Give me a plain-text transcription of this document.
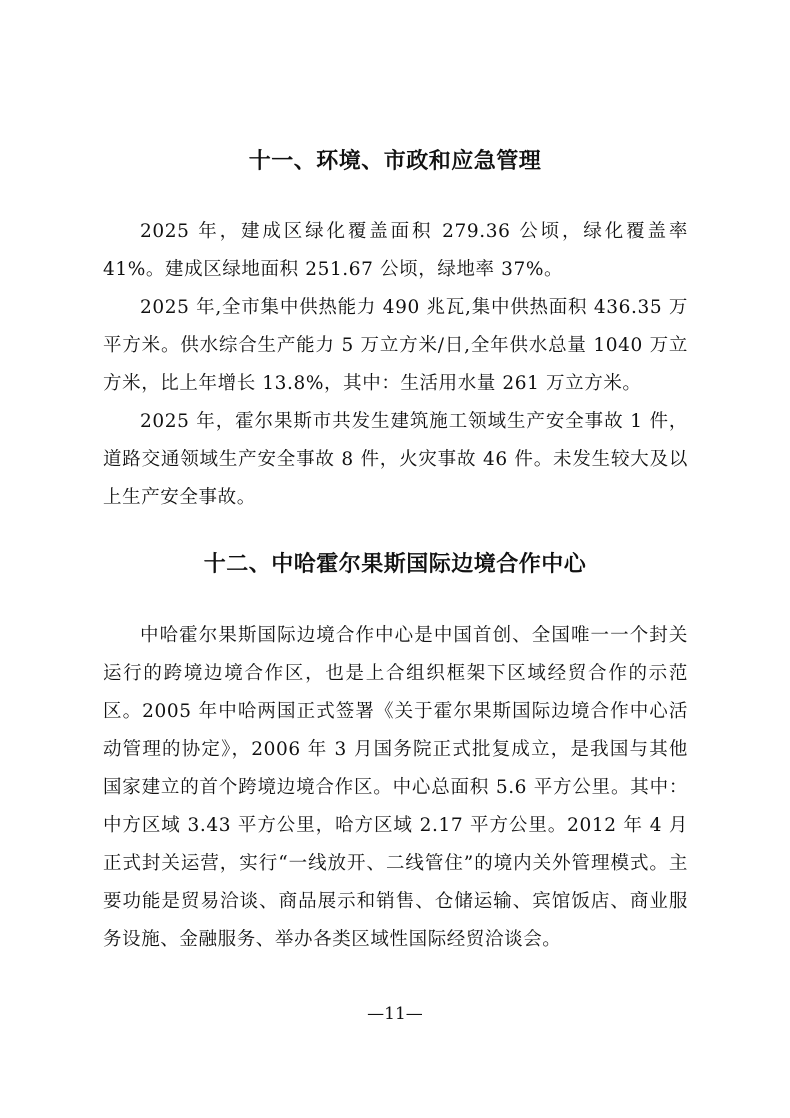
十一、环境、市政和应急管理

2025 年，建成区绿化覆盖面积 279.36 公顷，绿化覆盖率 41%。建成区绿地面积 251.67 公顷，绿地率 37%。

2025 年,全市集中供热能力 490 兆瓦,集中供热面积 436.35 万平方米。供水综合生产能力 5 万立方米/日,全年供水总量 1040 万立方米，比上年增长 13.8%，其中：生活用水量 261 万立方米。

2025 年，霍尔果斯市共发生建筑施工领域生产安全事故 1 件，道路交通领域生产安全事故 8 件，火灾事故 46 件。未发生较大及以上生产安全事故。

十二、中哈霍尔果斯国际边境合作中心

中哈霍尔果斯国际边境合作中心是中国首创、全国唯一一个封关运行的跨境边境合作区，也是上合组织框架下区域经贸合作的示范区。2005 年中哈两国正式签署《关于霍尔果斯国际边境合作中心活动管理的协定》，2006 年 3 月国务院正式批复成立，是我国与其他国家建立的首个跨境边境合作区。中心总面积 5.6 平方公里。其中：中方区域 3.43 平方公里，哈方区域 2.17 平方公里。2012 年 4 月正式封关运营，实行“一线放开、二线管住”的境内关外管理模式。主要功能是贸易洽谈、商品展示和销售、仓储运输、宾馆饭店、商业服务设施、金融服务、举办各类区域性国际经贸洽谈会。

—11—
